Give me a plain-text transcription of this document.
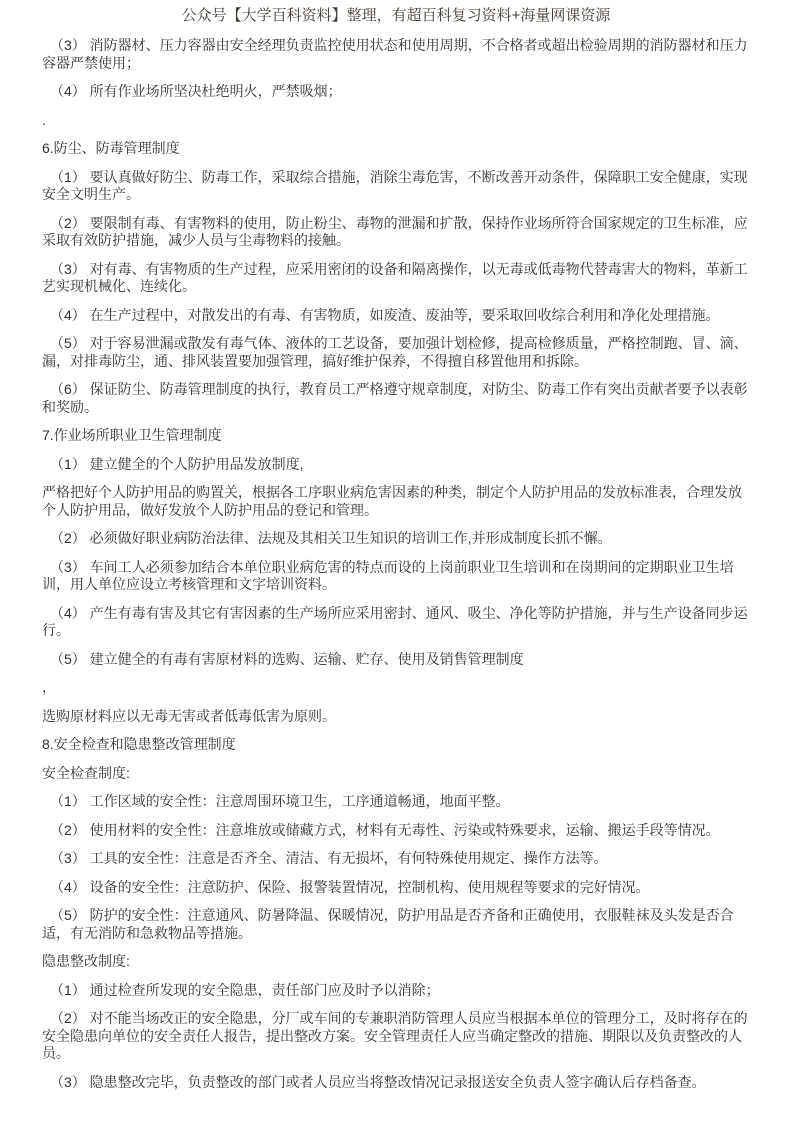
公众号【大学百科资料】整理，有超百科复习资料+海量网课资源

（3） 消防器材、压力容器由安全经理负责监控使用状态和使用周期，不合格者或超出检验周期的消防器材和压力容器严禁使用；

（4） 所有作业场所坚决杜绝明火，严禁吸烟；

.

6.防尘、防毒管理制度

（1） 要认真做好防尘、防毒工作，采取综合措施，消除尘毒危害，不断改善开动条件，保障职工安全健康，实现安全文明生产。

（2） 要限制有毒、有害物料的使用，防止粉尘、毒物的泄漏和扩散，保持作业场所符合国家规定的卫生标准，应采取有效防护措施，减少人员与尘毒物料的接触。

（3） 对有毒、有害物质的生产过程，应采用密闭的设备和隔离操作，以无毒或低毒物代替毒害大的物料，革新工艺实现机械化、连续化。

（4） 在生产过程中，对散发出的有毒、有害物质，如废渣、废油等，要采取回收综合利用和净化处理措施。

（5） 对于容易泄漏或散发有毒气体、液体的工艺设备，要加强计划检修，提高检修质量，严格控制跑、冒、滴、漏，对排毒防尘，通、排风装置要加强管理，搞好维护保养，不得擅自移置他用和拆除。

（6） 保证防尘、防毒管理制度的执行，教育员工严格遵守规章制度，对防尘、防毒工作有突出贡献者要予以表彰和奖励。

7.作业场所职业卫生管理制度

（1） 建立健全的个人防护用品发放制度,

严格把好个人防护用品的购置关，根据各工序职业病危害因素的种类，制定个人防护用品的发放标准表，合理发放个人防护用品，做好发放个人防护用品的登记和管理。

（2） 必须做好职业病防治法律、法规及其相关卫生知识的培训工作,并形成制度长抓不懈。

（3） 车间工人必须参加结合本单位职业病危害的特点而设的上岗前职业卫生培训和在岗期间的定期职业卫生培训，用人单位应设立考核管理和文字培训资料。

（4） 产生有毒有害及其它有害因素的生产场所应采用密封、通风、吸尘、净化等防护措施，并与生产设备同步运行。

（5） 建立健全的有毒有害原材料的选购、运输、贮存、使用及销售管理制度

，

选购原材料应以无毒无害或者低毒低害为原则。

8.安全检查和隐患整改管理制度

安全检查制度:

（1） 工作区域的安全性：注意周围环境卫生，工序通道畅通，地面平整。

（2） 使用材料的安全性：注意堆放或储藏方式，材料有无毒性、污染或特殊要求，运输、搬运手段等情况。

（3） 工具的安全性：注意是否齐全、清洁、有无损坏，有何特殊使用规定、操作方法等。

（4） 设备的安全性：注意防护、保险、报警装置情况，控制机构、使用规程等要求的完好情况。

（5） 防护的安全性：注意通风、防暑降温、保暖情况，防护用品是否齐备和正确使用，衣服鞋袜及头发是否合适，有无消防和急救物品等措施。

隐患整改制度:

（1） 通过检查所发现的安全隐患，责任部门应及时予以消除；

（2） 对不能当场改正的安全隐患，分厂或车间的专兼职消防管理人员应当根据本单位的管理分工，及时将存在的安全隐患向单位的安全责任人报告，提出整改方案。安全管理责任人应当确定整改的措施、期限以及负责整改的人员。

（3） 隐患整改完毕，负责整改的部门或者人员应当将整改情况记录报送安全负责人签字确认后存档备查。
